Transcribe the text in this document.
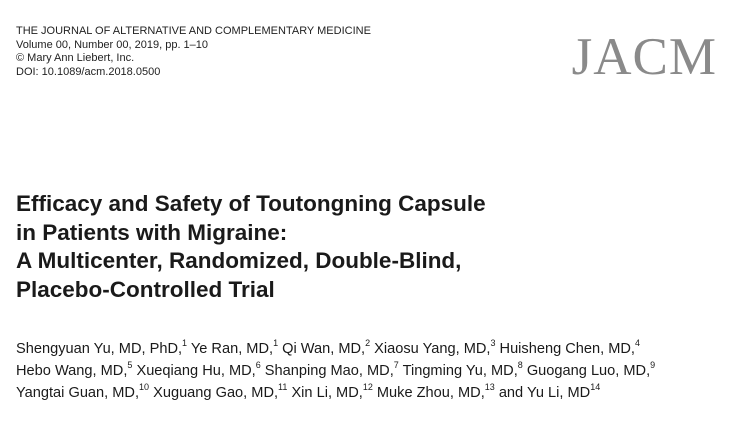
THE JOURNAL OF ALTERNATIVE AND COMPLEMENTARY MEDICINE
Volume 00, Number 00, 2019, pp. 1–10
© Mary Ann Liebert, Inc.
DOI: 10.1089/acm.2018.0500	JACM
Efficacy and Safety of Toutongning Capsule
in Patients with Migraine:
A Multicenter, Randomized, Double-Blind,
Placebo-Controlled Trial
Shengyuan Yu, MD, PhD,$^1$ Ye Ran, MD,$^1$ Qi Wan, MD,$^2$ Xiaosu Yang, MD,$^3$ Huisheng Chen, MD,$^4$
Hebo Wang, MD,$^5$ Xueqiang Hu, MD,$^6$ Shanping Mao, MD,$^7$ Tingming Yu, MD,$^8$ Guogang Luo, MD,$^9$
Yangtai Guan, MD,$^{10}$ Xuguang Gao, MD,$^{11}$ Xin Li, MD,$^{12}$ Muke Zhou, MD,$^{13}$ and Yu Li, MD$^{14}$
